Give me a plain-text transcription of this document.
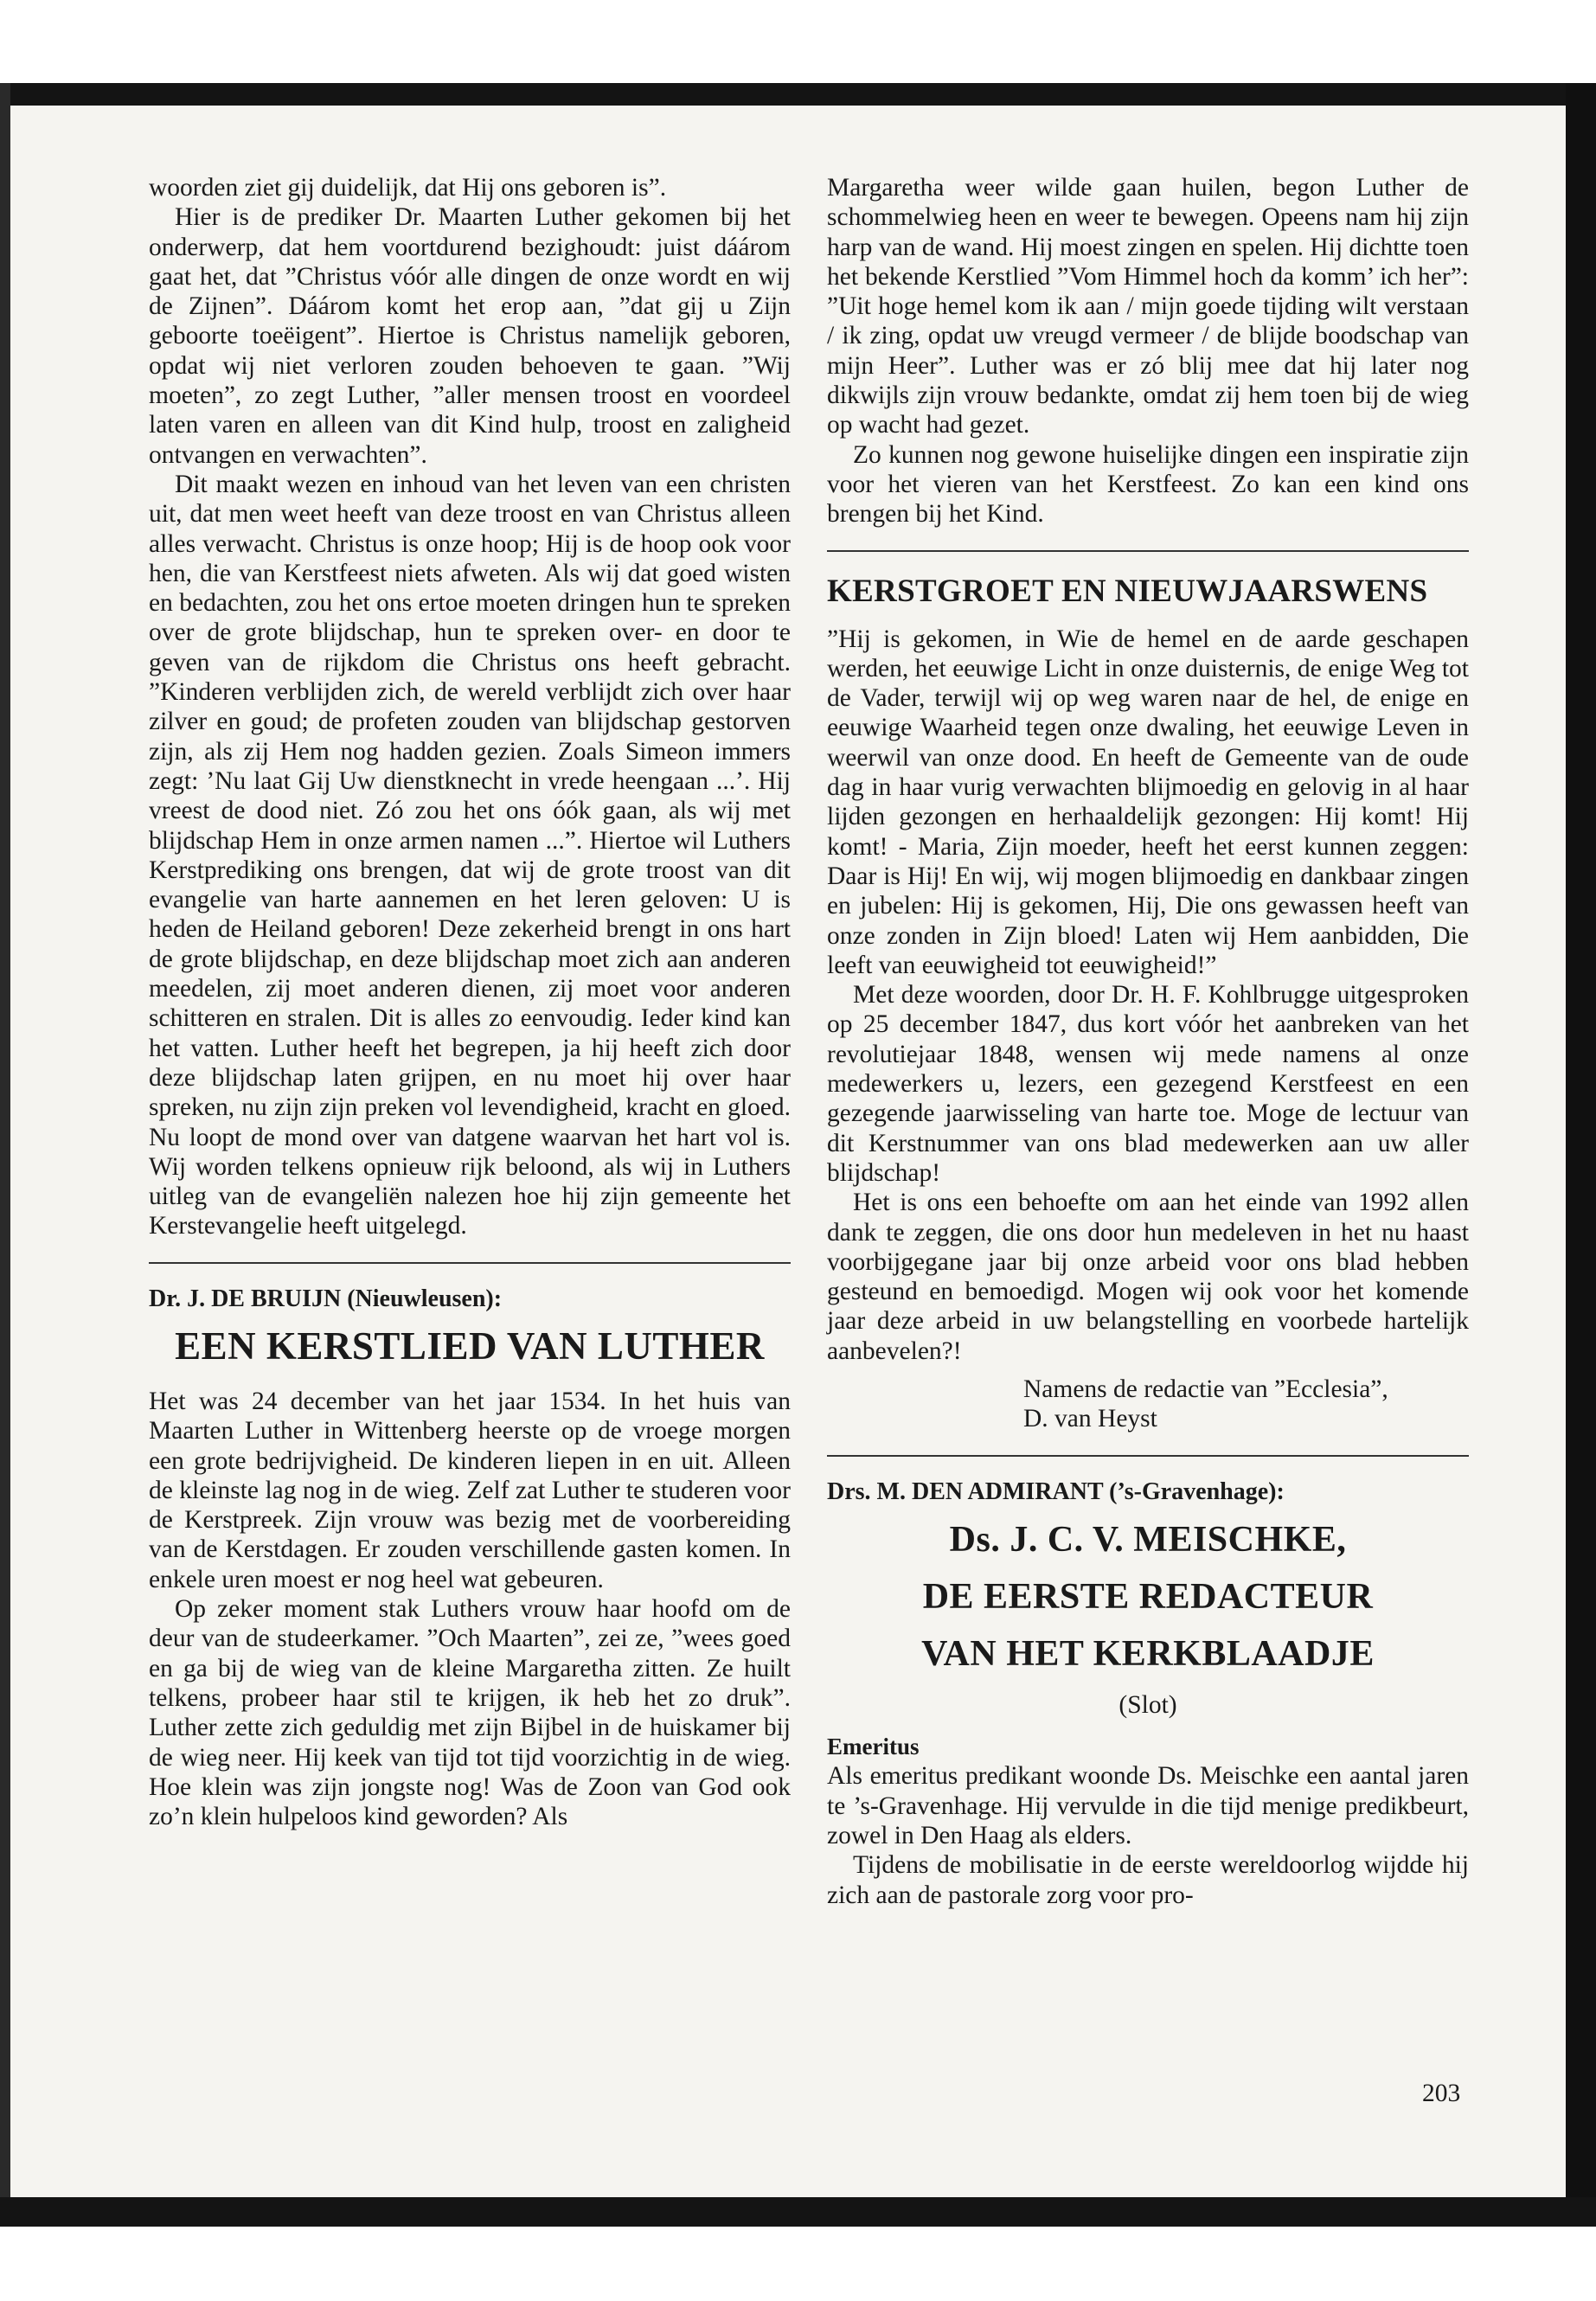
woorden ziet gij duidelijk, dat Hij ons geboren is”.

Hier is de prediker Dr. Maarten Luther gekomen bij het onderwerp, dat hem voortdurend bezighoudt: juist dáárom gaat het, dat ”Christus vóór alle dingen de onze wordt en wij de Zijnen”. Dáárom komt het erop aan, ”dat gij u Zijn geboorte toeëigent”. Hiertoe is Christus namelijk geboren, opdat wij niet verloren zouden behoeven te gaan. ”Wij moeten”, zo zegt Luther, ”aller mensen troost en voordeel laten varen en alleen van dit Kind hulp, troost en zaligheid ontvangen en verwachten”.

Dit maakt wezen en inhoud van het leven van een christen uit, dat men weet heeft van deze troost en van Christus alleen alles verwacht. Christus is onze hoop; Hij is de hoop ook voor hen, die van Kerstfeest niets afweten. Als wij dat goed wisten en bedachten, zou het ons ertoe moeten dringen hun te spreken over de grote blijdschap, hun te spreken over- en door te geven van de rijkdom die Christus ons heeft gebracht. ”Kinderen verblijden zich, de wereld verblijdt zich over haar zilver en goud; de profeten zouden van blijdschap gestorven zijn, als zij Hem nog hadden gezien. Zoals Simeon immers zegt: ’Nu laat Gij Uw dienstknecht in vrede heengaan ...’. Hij vreest de dood niet. Zó zou het ons óók gaan, als wij met blijdschap Hem in onze armen namen ...”. Hiertoe wil Luthers Kerstprediking ons brengen, dat wij de grote troost van dit evangelie van harte aannemen en het leren geloven: U is heden de Heiland geboren! Deze zekerheid brengt in ons hart de grote blijdschap, en deze blijdschap moet zich aan anderen meedelen, zij moet anderen dienen, zij moet voor anderen schitteren en stralen. Dit is alles zo eenvoudig. Ieder kind kan het vatten. Luther heeft het begrepen, ja hij heeft zich door deze blijdschap laten grijpen, en nu moet hij over haar spreken, nu zijn zijn preken vol levendigheid, kracht en gloed. Nu loopt de mond over van datgene waarvan het hart vol is. Wij worden telkens opnieuw rijk beloond, als wij in Luthers uitleg van de evangeliën nalezen hoe hij zijn gemeente het Kerstevangelie heeft uitgelegd.

Dr. J. DE BRUIJN (Nieuwleusen):
EEN KERSTLIED VAN LUTHER

Het was 24 december van het jaar 1534. In het huis van Maarten Luther in Wittenberg heerste op de vroege morgen een grote bedrijvigheid. De kinderen liepen in en uit. Alleen de kleinste lag nog in de wieg. Zelf zat Luther te studeren voor de Kerstpreek. Zijn vrouw was bezig met de voorbereiding van de Kerstdagen. Er zouden verschillende gasten komen. In enkele uren moest er nog heel wat gebeuren.

Op zeker moment stak Luthers vrouw haar hoofd om de deur van de studeerkamer. ”Och Maarten”, zei ze, ”wees goed en ga bij de wieg van de kleine Margaretha zitten. Ze huilt telkens, probeer haar stil te krijgen, ik heb het zo druk”. Luther zette zich geduldig met zijn Bijbel in de huiskamer bij de wieg neer. Hij keek van tijd tot tijd voorzichtig in de wieg. Hoe klein was zijn jongste nog! Was de Zoon van God ook zo’n klein hulpeloos kind geworden? Als

Margaretha weer wilde gaan huilen, begon Luther de schommelwieg heen en weer te bewegen. Opeens nam hij zijn harp van de wand. Hij moest zingen en spelen. Hij dichtte toen het bekende Kerstlied ”Vom Himmel hoch da komm’ ich her”: ”Uit hoge hemel kom ik aan / mijn goede tijding wilt verstaan / ik zing, opdat uw vreugd vermeer / de blijde boodschap van mijn Heer”. Luther was er zó blij mee dat hij later nog dikwijls zijn vrouw bedankte, omdat zij hem toen bij de wieg op wacht had gezet.

Zo kunnen nog gewone huiselijke dingen een inspiratie zijn voor het vieren van het Kerstfeest. Zo kan een kind ons brengen bij het Kind.

KERSTGROET EN NIEUWJAARSWENS

”Hij is gekomen, in Wie de hemel en de aarde geschapen werden, het eeuwige Licht in onze duisternis, de enige Weg tot de Vader, terwijl wij op weg waren naar de hel, de enige en eeuwige Waarheid tegen onze dwaling, het eeuwige Leven in weerwil van onze dood. En heeft de Gemeente van de oude dag in haar vurig verwachten blijmoedig en gelovig in al haar lijden gezongen en herhaaldelijk gezongen: Hij komt! Hij komt! - Maria, Zijn moeder, heeft het eerst kunnen zeggen: Daar is Hij! En wij, wij mogen blijmoedig en dankbaar zingen en jubelen: Hij is gekomen, Hij, Die ons gewassen heeft van onze zonden in Zijn bloed! Laten wij Hem aanbidden, Die leeft van eeuwigheid tot eeuwigheid!”

Met deze woorden, door Dr. H. F. Kohlbrugge uitgesproken op 25 december 1847, dus kort vóór het aanbreken van het revolutiejaar 1848, wensen wij mede namens al onze medewerkers u, lezers, een gezegend Kerstfeest en een gezegende jaarwisseling van harte toe. Moge de lectuur van dit Kerstnummer van ons blad medewerken aan uw aller blijdschap!

Het is ons een behoefte om aan het einde van 1992 allen dank te zeggen, die ons door hun medeleven in het nu haast voorbijgegane jaar bij onze arbeid voor ons blad hebben gesteund en bemoedigd. Mogen wij ook voor het komende jaar deze arbeid in uw belangstelling en voorbede hartelijk aanbevelen?!

Namens de redactie van ”Ecclesia”,
D. van Heyst
Drs. M. DEN ADMIRANT (’s-Gravenhage):
Ds. J. C. V. MEISCHKE,
DE EERSTE REDACTEUR
VAN HET KERKBLAADJE
(Slot)
Emeritus

Als emeritus predikant woonde Ds. Meischke een aantal jaren te ’s-Gravenhage. Hij vervulde in die tijd menige predikbeurt, zowel in Den Haag als elders.

Tijdens de mobilisatie in de eerste wereldoorlog wijdde hij zich aan de pastorale zorg voor pro-

203
